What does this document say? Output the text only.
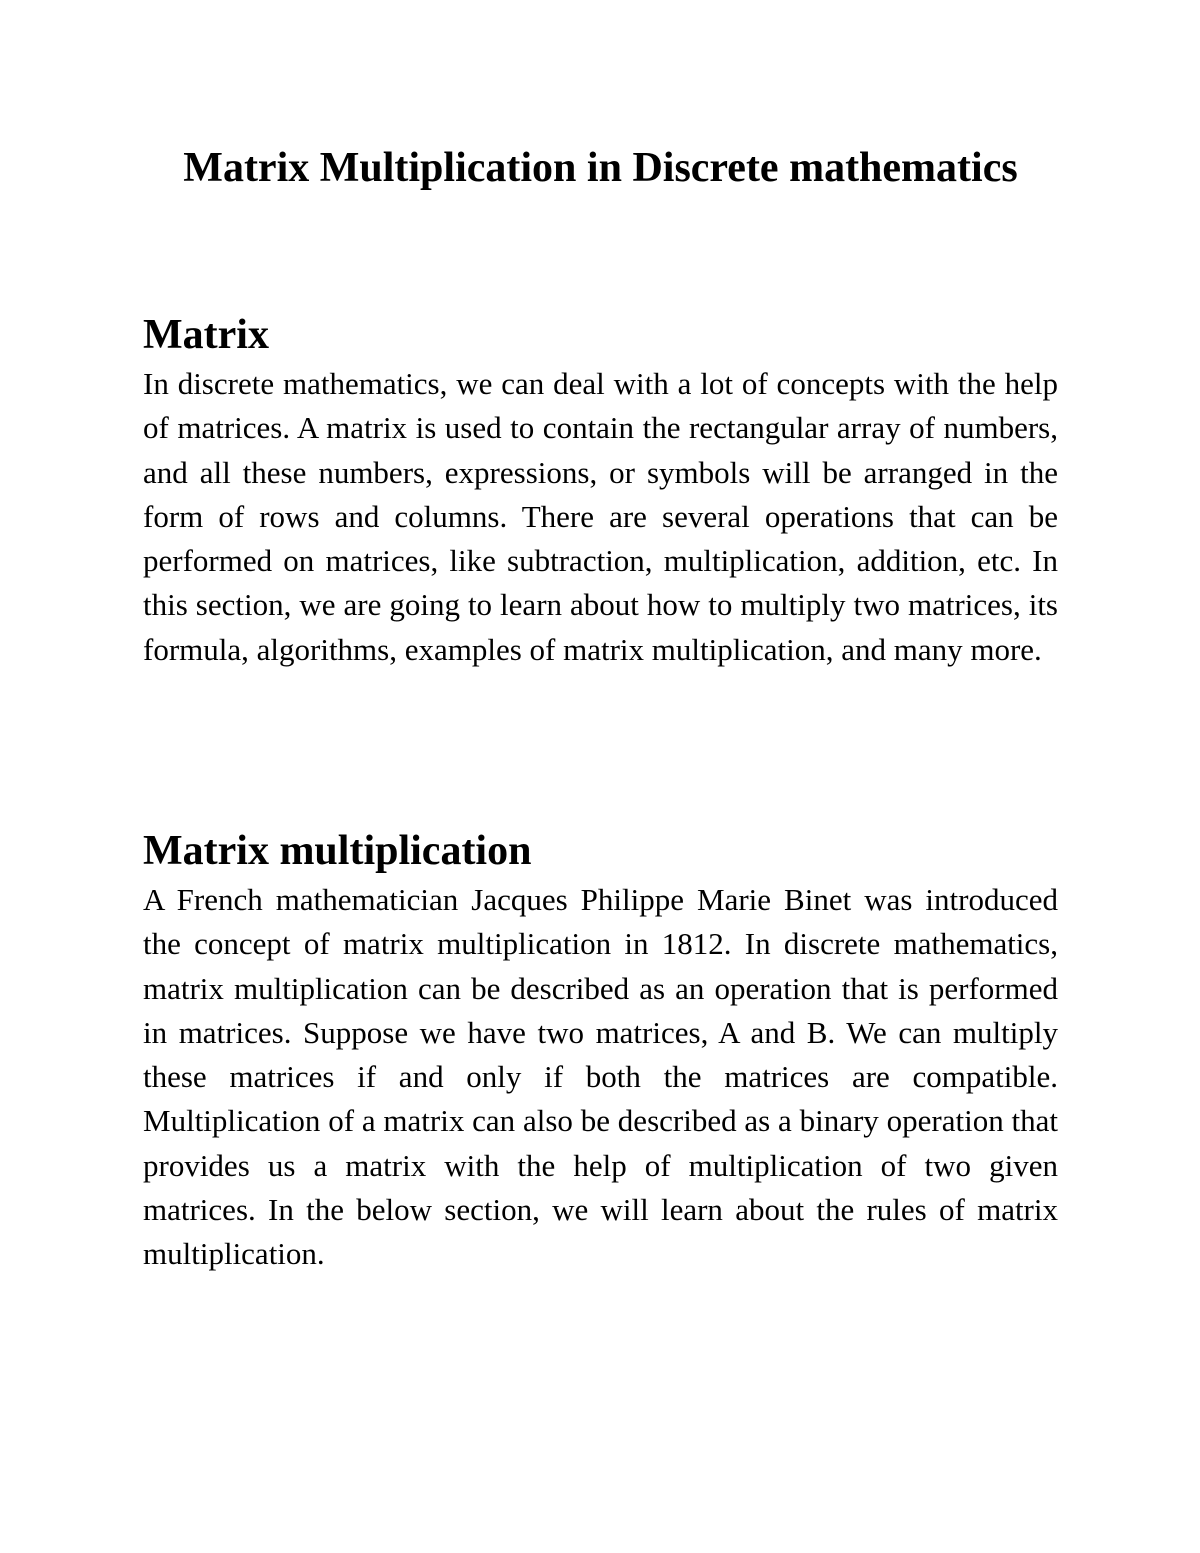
Matrix Multiplication in Discrete mathematics
Matrix

In discrete mathematics, we can deal with a lot of concepts with the help of matrices. A matrix is used to contain the rectangular array of numbers, and all these numbers, expressions, or symbols will be arranged in the form of rows and columns. There are several operations that can be performed on matrices, like subtraction, multiplication, addition, etc. In this section, we are going to learn about how to multiply two matrices, its formula, algorithms, examples of matrix multiplication, and many more.

Matrix multiplication

A French mathematician Jacques Philippe Marie Binet was introduced the concept of matrix multiplication in 1812. In discrete mathematics, matrix multiplication can be described as an operation that is performed in matrices. Suppose we have two matrices, A and B. We can multiply these matrices if and only if both the matrices are compatible. Multiplication of a matrix can also be described as a binary operation that provides us a matrix with the help of multiplication of two given matrices. In the below section, we will learn about the rules of matrix multiplication.
